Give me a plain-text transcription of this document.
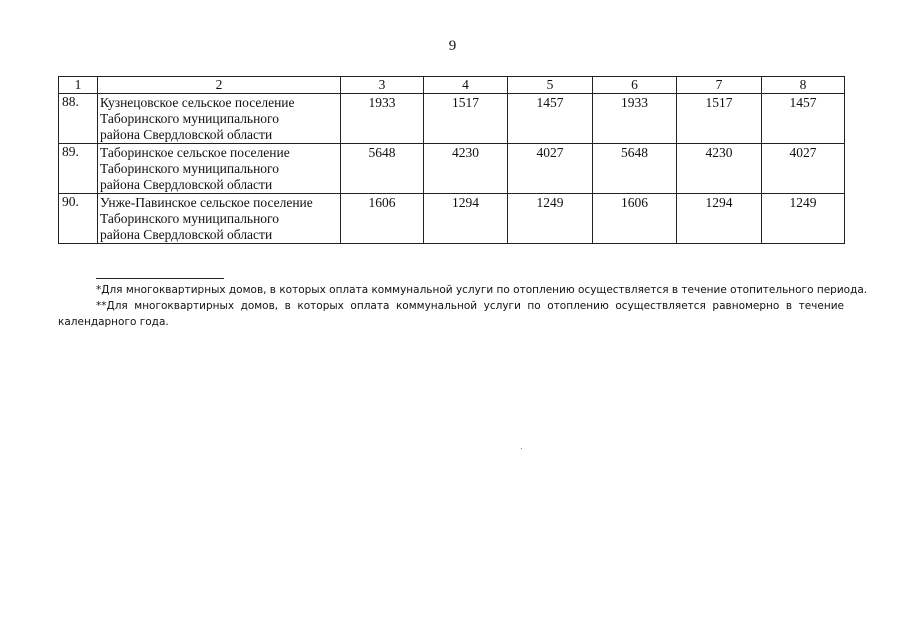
9
1	2	3	4	5	6	7	8
88.	Кузнецовское сельское поселение
Таборинского муниципального
района Свердловской области	1933	1517	1457	1933	1517	1457
89.	Таборинское сельское поселение
Таборинского муниципального
района Свердловской области	5648	4230	4027	5648	4230	4027
90.	Унже-Павинское сельское поселение
Таборинского муниципального
района Свердловской области	1606	1294	1249	1606	1294	1249

*Для многоквартирных домов, в которых оплата коммунальной услуги по отоплению осуществляется в течение отопительного периода.

**Для многоквартирных домов, в которых оплата коммунальной услуги по отоплению осуществляется равномерно в течение

календарного года.
